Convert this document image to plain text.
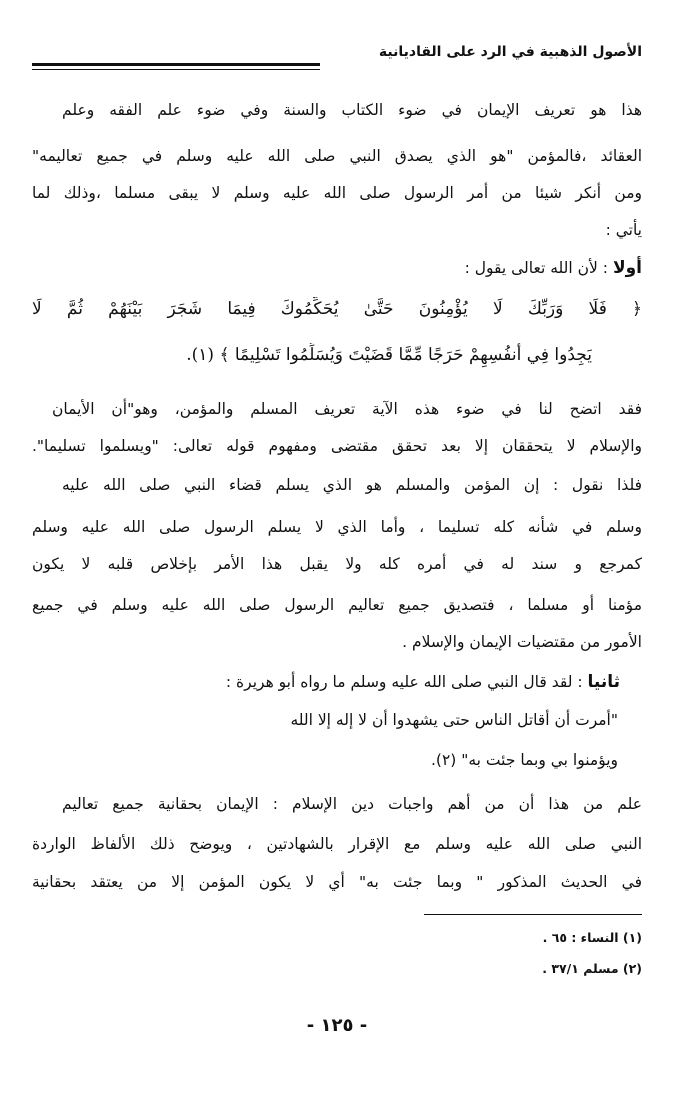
الأصول الذهبية في الرد على القاديانية
هذا هو تعريف الإيمان في ضوء الكتاب والسنة وفي ضوء علم الفقه وعلم
العقائد ،فالمؤمن "هو الذي يصدق النبي صلى الله عليه وسلم في جميع تعاليمه"
ومن أنكر شيئا من أمر الرسول صلى الله عليه وسلم لا يبقى مسلما ،وذلك لما
يأتي :
أولا : لأن الله تعالى يقول :
﴿ فَلَا وَرَبِّكَ لَا يُؤْمِنُونَ حَتَّىٰ يُحَكِّمُوكَ فِيمَا شَجَرَ بَيْنَهُمْ ثُمَّ لَا
يَجِدُوا فِي أَنفُسِهِمْ حَرَجًا مِّمَّا قَضَيْتَ وَيُسَلِّمُوا تَسْلِيمًا ﴾ (١).
فقد اتضح لنا في ضوء هذه الآية تعريف المسلم والمؤمن، وهو"أن الأيمان
والإسلام لا يتحققان إلا بعد تحقق مقتضى ومفهوم قوله تعالى: "ويسلموا تسليما".
فلذا نقول : إن المؤمن والمسلم هو الذي يسلم قضاء النبي صلى الله عليه
وسلم في شأنه كله تسليما ، وأما الذي لا يسلم الرسول صلى الله عليه وسلم
كمرجع و سند له في أمره كله ولا يقبل هذا الأمر بإخلاص قلبه لا يكون
مؤمنا أو مسلما ، فتصديق جميع تعاليم الرسول صلى الله عليه وسلم في جميع
الأمور من مقتضيات الإيمان والإسلام .
ثانيا : لقد قال النبي صلى الله عليه وسلم ما رواه أبو هريرة :
"أمرت أن أقاتل الناس حتى يشهدوا أن لا إله إلا الله
ويؤمنوا بي وبما جئت به" (٢).
علم من هذا أن من أهم واجبات دين الإسلام : الإيمان بحقانية جميع تعاليم
النبي صلى الله عليه وسلم مع الإقرار بالشهادتين ، ويوضح ذلك الألفاظ الواردة
في الحديث المذكور " وبما جئت به" أي لا يكون المؤمن إلا من يعتقد بحقانية
(١) النساء : ٦٥ .
(٢) مسلم ٣٧/١ .
- ١٢٥ -
